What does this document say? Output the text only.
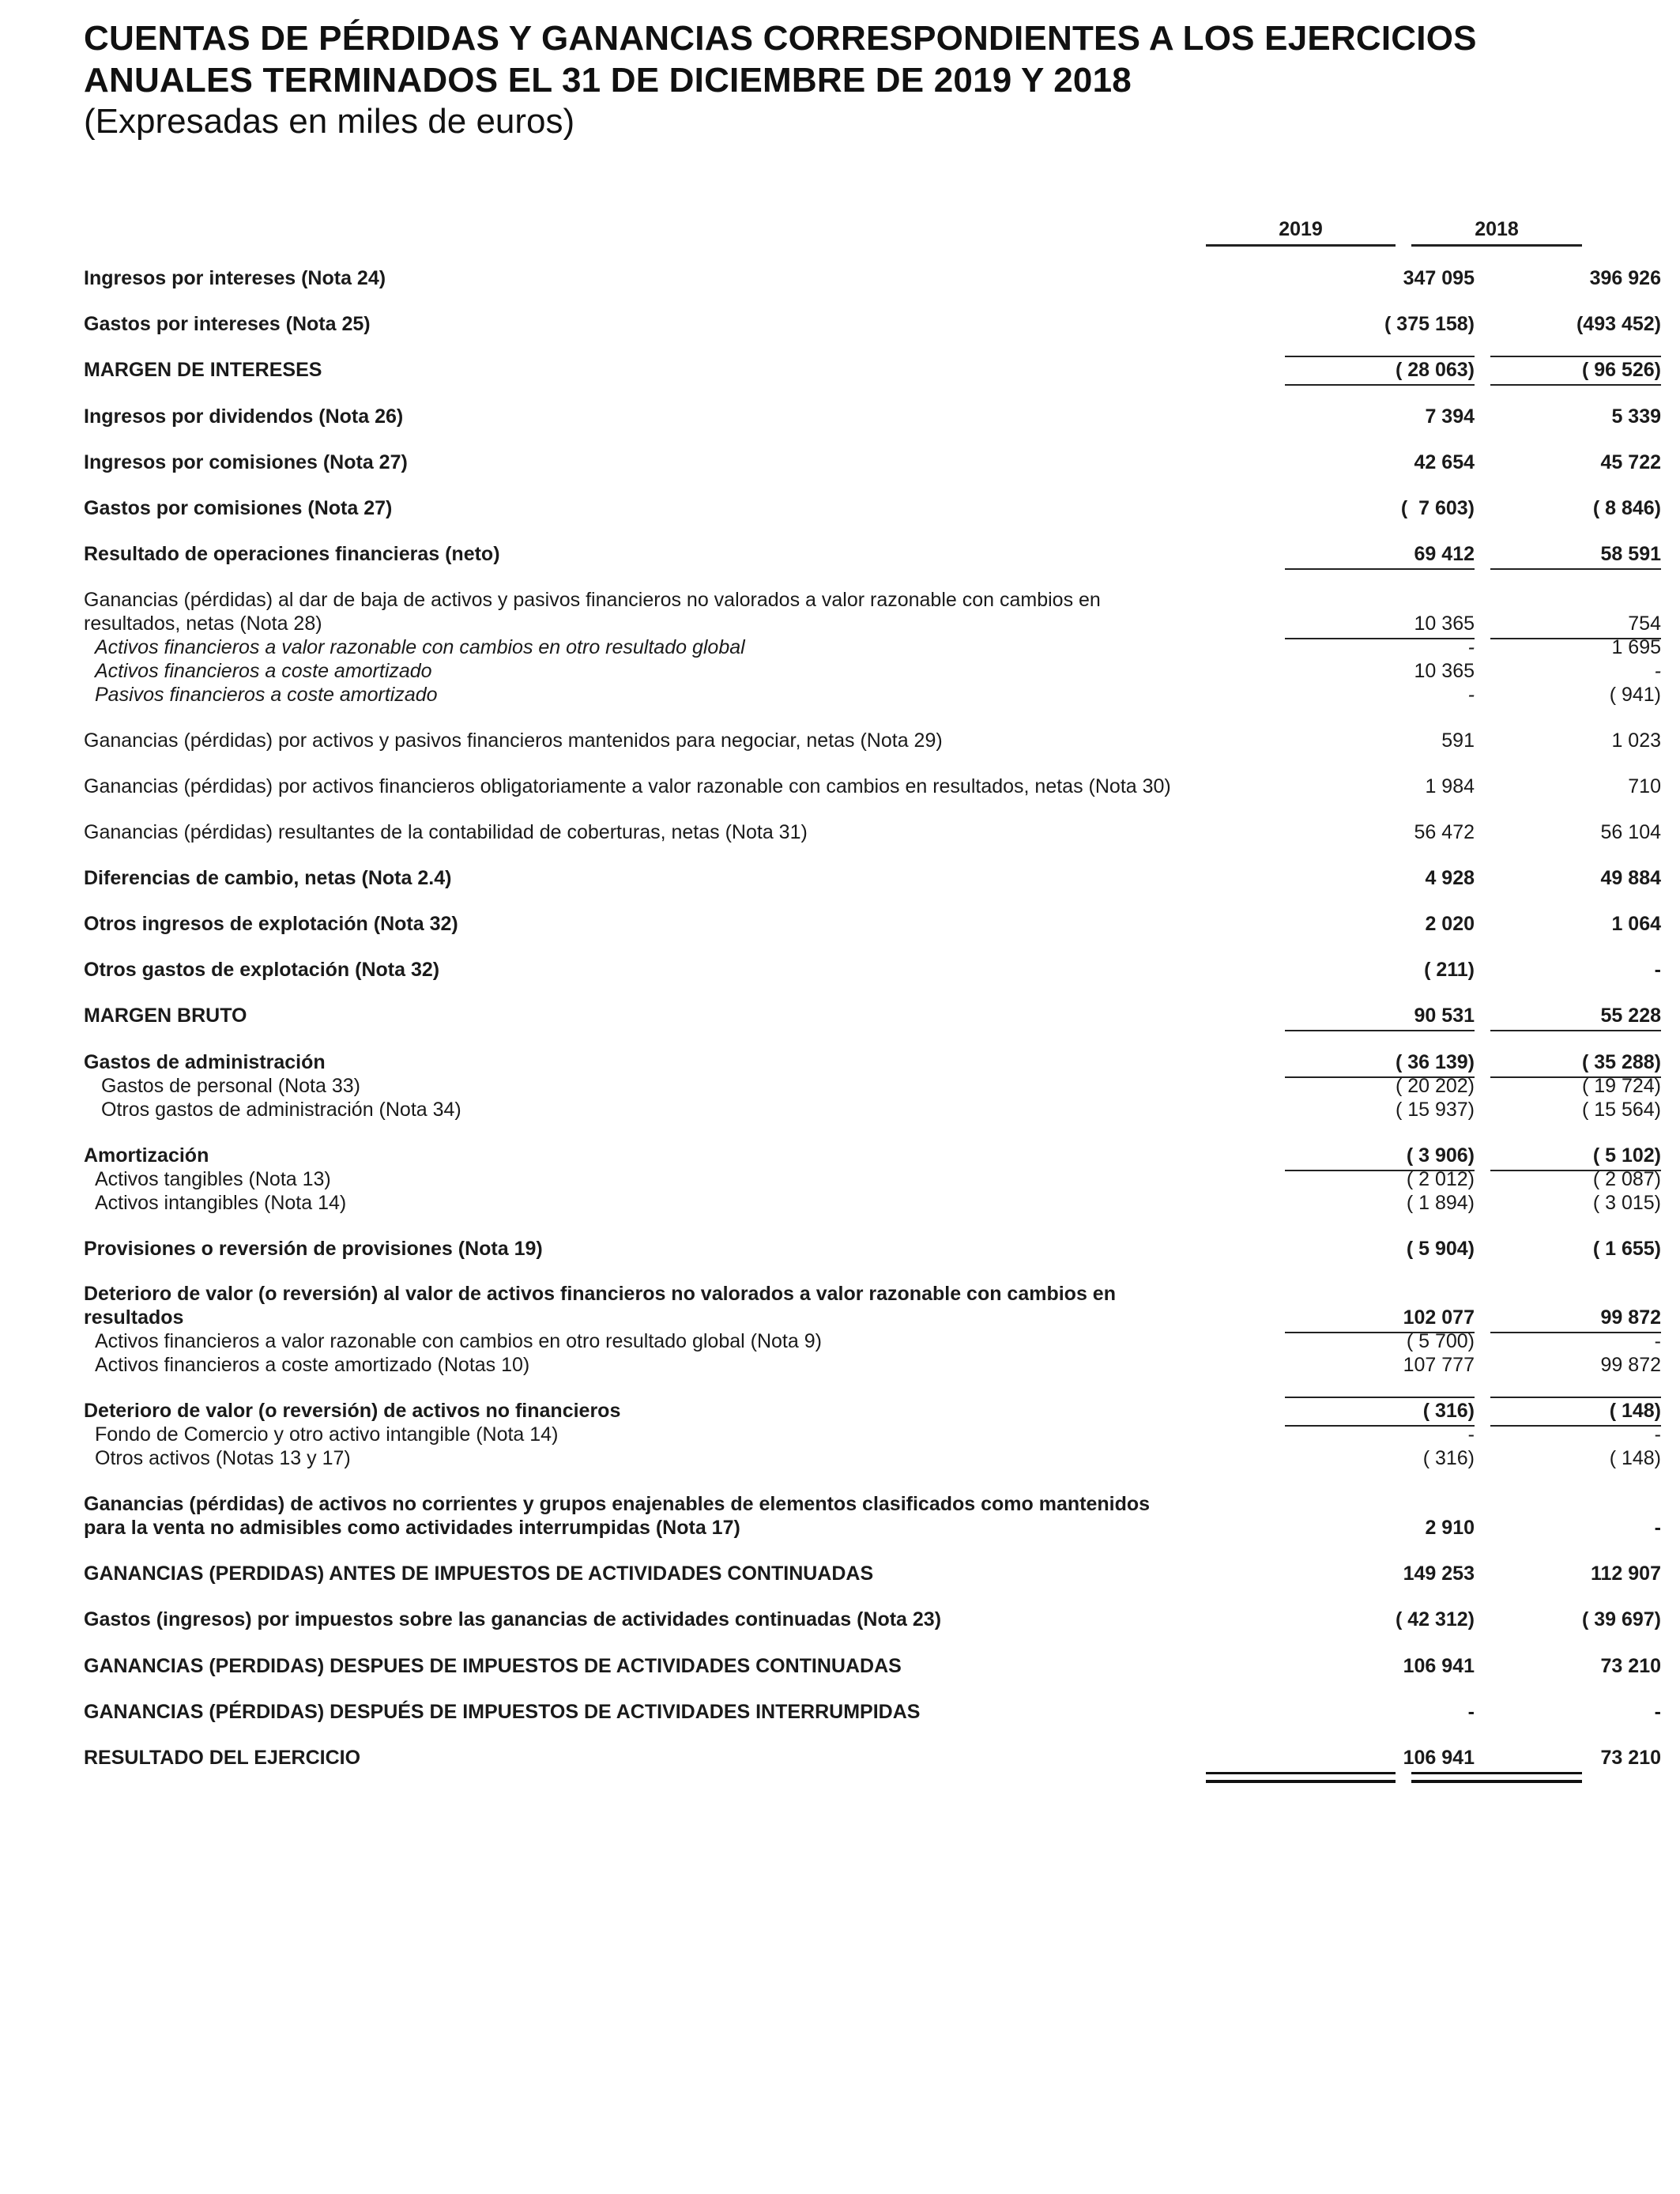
CUENTAS DE PÉRDIDAS Y GANANCIAS CORRESPONDIENTES A LOS EJERCICIOS ANUALES TERMINADOS EL 31 DE DICIEMBRE DE 2019 Y 2018
(Expresadas en miles de euros)
2019	2018
Ingresos por intereses (Nota 24)	347 095	396 926
Gastos por intereses (Nota 25)	( 375 158)	(493 452)
MARGEN DE INTERESES	( 28 063)	( 96 526)
Ingresos por dividendos (Nota 26)	7 394	5 339
Ingresos por comisiones (Nota 27)	42 654	45 722
Gastos por comisiones (Nota 27)	(  7 603)	( 8 846)
Resultado de operaciones financieras (neto)	69 412	58 591
Ganancias (pérdidas) al dar de baja de activos y pasivos financieros no valorados a valor razonable con cambios en
resultados, netas (Nota 28)	10 365	754
Activos financieros a valor razonable con cambios en otro resultado global	-	1 695
Activos financieros a coste amortizado	10 365	-
Pasivos financieros a coste amortizado	-	( 941)
Ganancias (pérdidas) por activos y pasivos financieros mantenidos para negociar, netas (Nota 29)	591	1 023
Ganancias (pérdidas) por activos financieros obligatoriamente a valor razonable con cambios en resultados, netas (Nota 30)	1 984	710
Ganancias (pérdidas) resultantes de la contabilidad de coberturas, netas (Nota 31)	56 472	56 104
Diferencias de cambio, netas (Nota 2.4)	4 928	49 884
Otros ingresos de explotación (Nota 32)	2 020	1 064
Otros gastos de explotación (Nota 32)	( 211)	-
MARGEN BRUTO	90 531	55 228
Gastos de administración	( 36 139)	( 35 288)
Gastos de personal (Nota 33)	( 20 202)	( 19 724)
Otros gastos de administración (Nota 34)	( 15 937)	( 15 564)
Amortización	( 3 906)	( 5 102)
Activos tangibles (Nota 13)	( 2 012)	( 2 087)
Activos intangibles (Nota 14)	( 1 894)	( 3 015)
Provisiones o reversión de provisiones (Nota 19)	( 5 904)	( 1 655)
Deterioro de valor (o reversión) al valor de activos financieros no valorados a valor razonable con cambios en
resultados	102 077	99 872
Activos financieros a valor razonable con cambios en otro resultado global (Nota 9)	( 5 700)	-
Activos financieros a coste amortizado (Notas 10)	107 777	99 872
Deterioro de valor (o reversión) de activos no financieros	( 316)	( 148)
Fondo de Comercio y otro activo intangible (Nota 14)	-	-
Otros activos (Notas 13 y 17)	( 316)	( 148)
Ganancias (pérdidas) de activos no corrientes y grupos enajenables de elementos clasificados como mantenidos
para la venta no admisibles como actividades interrumpidas (Nota 17)	2 910	-
GANANCIAS (PERDIDAS) ANTES DE IMPUESTOS DE ACTIVIDADES CONTINUADAS	149 253	112 907
Gastos (ingresos) por impuestos sobre las ganancias de actividades continuadas (Nota 23)	( 42 312)	( 39 697)
GANANCIAS (PERDIDAS) DESPUES DE IMPUESTOS DE ACTIVIDADES CONTINUADAS	106 941	73 210
GANANCIAS (PÉRDIDAS) DESPUÉS DE IMPUESTOS DE ACTIVIDADES INTERRUMPIDAS	-	-
RESULTADO DEL EJERCICIO	106 941	73 210
